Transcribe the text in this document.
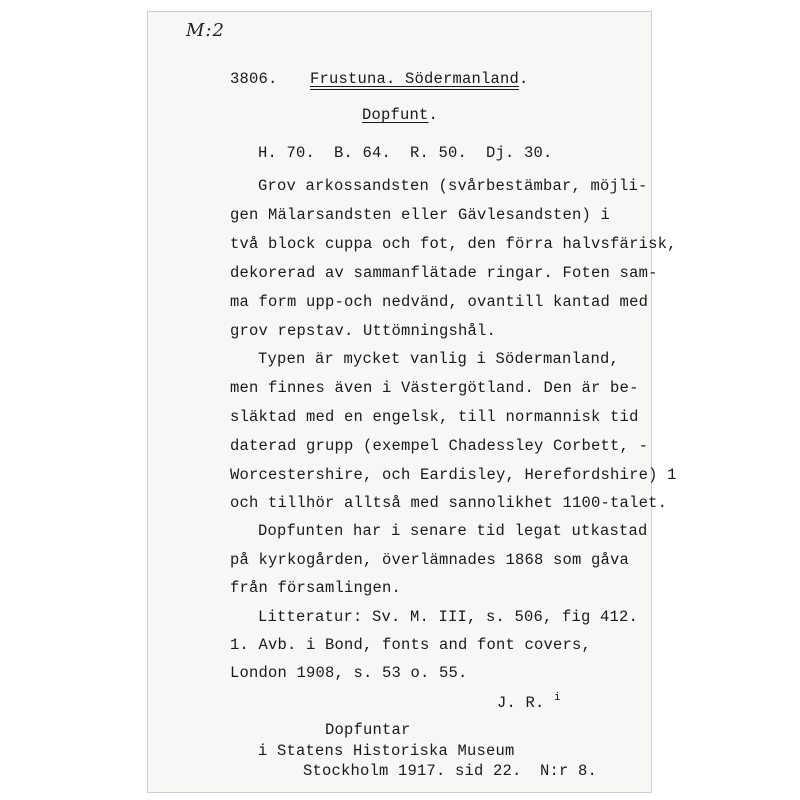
M:2
3806. Frustuna. Södermanland.
Dopfunt.
H. 70.  B. 64.  R. 50.  Dj. 30.
Grov arkossandsten (svårbestämbar, möjli-
gen Mälarsandsten eller Gävlesandsten) i
två block cuppa och fot, den förra halvsfärisk,
dekorerad av sammanflätade ringar. Foten sam-
ma form upp-och nedvänd, ovantill kantad med
grov repstav. Uttömningshål.
Typen är mycket vanlig i Södermanland,
men finnes även i Västergötland. Den är be-
släktad med en engelsk, till normannisk tid
daterad grupp (exempel Chadessley Corbett, -
Worcestershire, och Eardisley, Herefordshire) 1
och tillhör alltså med sannolikhet 1100-talet.
Dopfunten har i senare tid legat utkastad
på kyrkogården, överlämnades 1868 som gåva
från församlingen.
Litteratur: Sv. M. III, s. 506, fig 412.
1. Avb. i Bond, fonts and font covers,
London 1908, s. 53 o. 55.
J. R. $^i$
Dopfuntar
i Statens Historiska Museum
Stockholm 1917. sid 22. N:r 8.
